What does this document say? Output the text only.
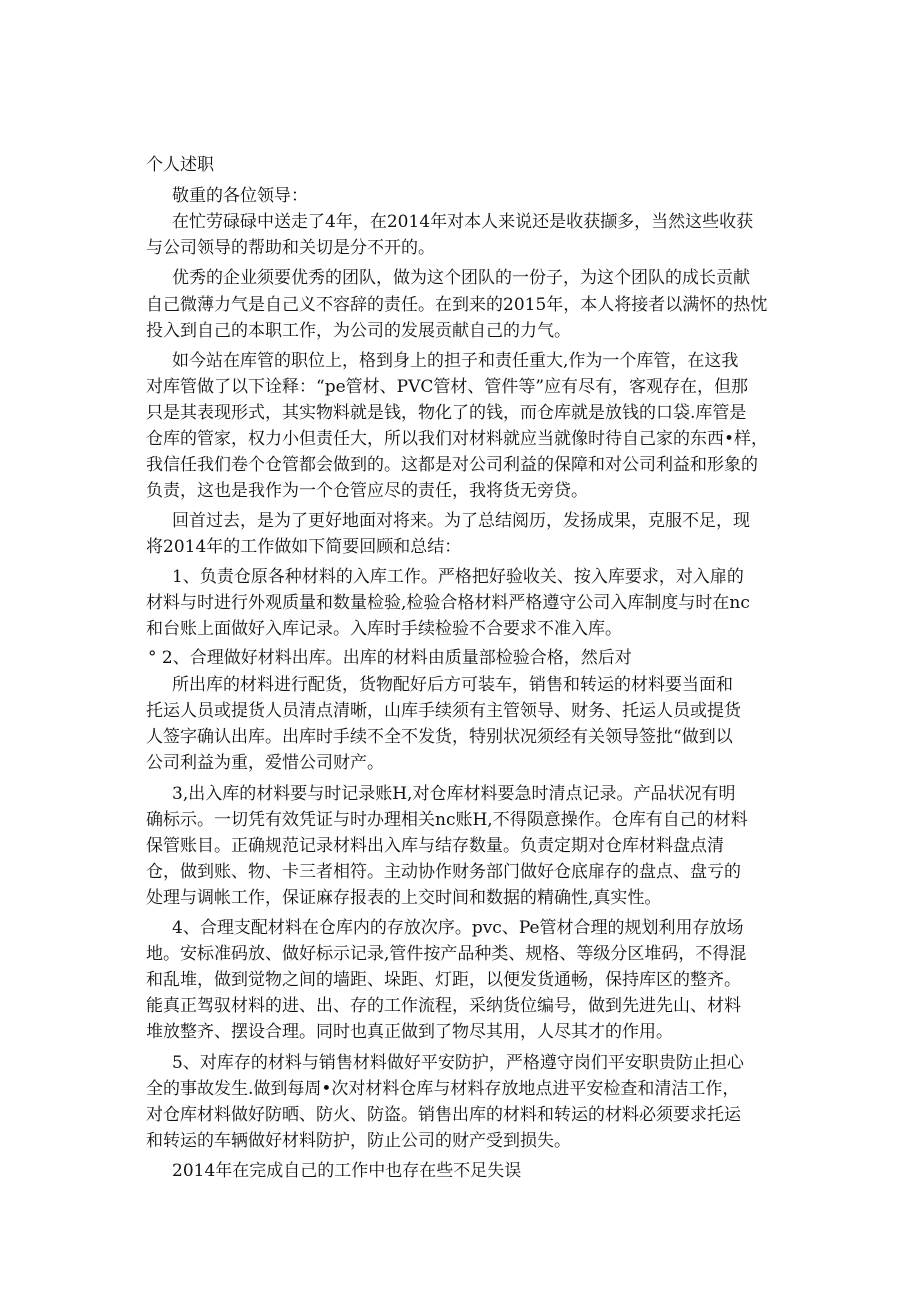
个人述职
敬重的各位领导：
在忙劳碌碌中送走了4年，在2014年对本人来说还是收获撷多，当然这些收获
与公司领导的帮助和关切是分不开的。
优秀的企业须要优秀的团队，做为这个团队的一份子，为这个团队的成长贡献
自己微薄力气是自己义不容辞的责任。在到来的2015年，本人将接者以满怀的热忱
投入到自己的本职工作，为公司的发展贡献自己的力气。
如今站在库管的职位上，格到身上的担子和责任重大,作为一个库管，在这我
对库管做了以下诠释：“pe管材、PVC管材、管件等”应有尽有，客观存在，但那
只是其表现形式，其实物料就是钱，物化了的钱，而仓库就是放钱的口袋.库管是
仓库的管家，权力小但责任大，所以我们对材料就应当就像时待自己家的东西•样，
我信任我们卷个仓管都会做到的。这都是对公司利益的保障和对公司利益和形象的
负责，这也是我作为一个仓管应尽的责任，我将货无旁贷。
回首过去，是为了更好地面对将来。为了总结阅历，发扬成果，克服不足，现
将2014年的工作做如下简要回顾和总结：
1、负责仓原各种材料的入库工作。严格把好验收关、按入库要求，对入扉的
材料与时进行外观质量和数量检验,检验合格材料严格遵守公司入库制度与时在nc
和台账上面做好入库记录。入库时手续检验不合要求不准入库。
° 2、合理做好材料出库。出库的材料由质量部检验合格，然后对
所出库的材料进行配货，货物配好后方可装车，销售和转运的材料要当面和
托运人员或提货人员清点清晰，山库手续须有主管领导、财务、托运人员或提货
人签字确认出库。出库时手续不全不发货，特别状况须经有关领导签批“做到以
公司利益为重，爱惜公司财产。
3,出入库的材料要与时记录账H,对仓库材料要急时清点记录。产品状况有明
确标示。一切凭有效凭证与时办理相关nc账H,不得陨意操作。仓库有自己的材料
保管账目。正确规范记录材料出入库与结存数量。负责定期对仓库材料盘点清
仓，做到账、物、卡三者相符。主动协作财务部门做好仓底扉存的盘点、盘亏的
处理与调帐工作，保证麻存报表的上交时间和数据的精确性,真实性。
4、合理支配材料在仓库内的存放次序。pvc、Pe管材合理的规划利用存放场
地。安标准码放、做好标示记录,管件按产品种类、规格、等级分区堆码，不得混
和乱堆，做到觉物之间的墙距、垛距、灯距，以便发货通畅，保持库区的整齐。
能真正驾驭材料的进、出、存的工作流程，采纳货位编号，做到先进先山、材料
堆放整齐、摆设合理。同时也真正做到了物尽其用，人尽其才的作用。
5、对库存的材料与销售材料做好平安防护，严格遵守岗们平安职贵防止担心
全的事故发生.做到每周•次对材料仓库与材料存放地点进平安检查和清洁工作，
对仓库材料做好防晒、防火、防盗。销售出库的材料和转运的材料必须要求托运
和转运的车辆做好材料防护，防止公司的财产受到损失。
2014年在完成自己的工作中也存在些不足失误
